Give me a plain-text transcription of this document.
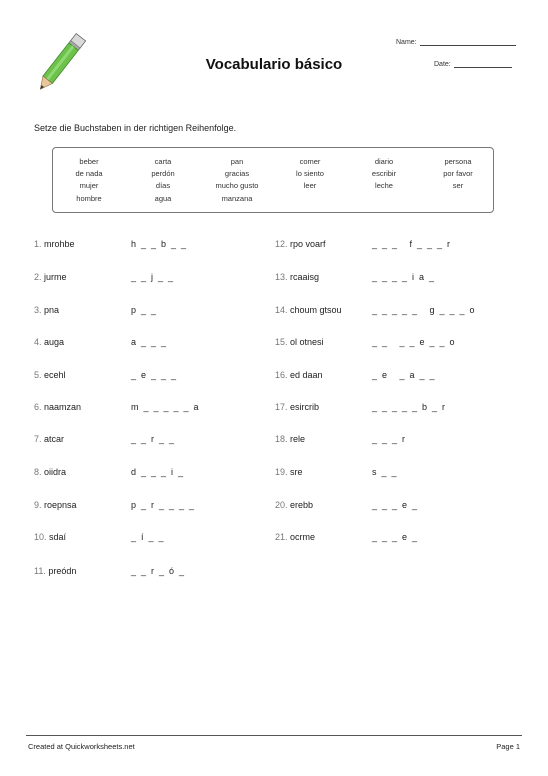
Vocabulario básico
Name:
Date:
Setze die Buchstaben in der richtigen Reihenfolge.
beber	carta	pan	comer	diario	persona
de nada	perdón	gracias	lo siento	escribir	por favor
mujer	días	mucho gusto	leer	leche	ser
hombre	agua	manzana
1. mrohbe	h  _  _  b  _  _
2. jurme	_  _  j  _  _
3. pna	p  _  _
4. auga	a  _  _  _
5. ecehl	_  e  _  _  _
6. naamzan	m  _  _  _  _  _  a
7. atcar	_  _  r  _  _
8. oiidra	d  _  _  _  i  _
9. roepnsa	p  _  r  _  _  _  _
10. sdaí	_  í  _  _
11. preódn	_  _  r  _  ó  _
12. rpo voarf	_  _  _     f  _  _  _  r
13. rcaaisg	_  _  _  _  i  a  _
14. choum gtsou	_  _  _  _  _     g  _  _  _  o
15. ol otnesi	_  _     _  _  e  _  _  o
16. ed daan	_  e     _  a  _  _
17. esircrib	_  _  _  _  _  b  _  r
18. rele	_  _  _  r
19. sre	s  _  _
20. erebb	_  _  _  e  _
21. ocrme	_  _  _  e  _
Created at Quickworksheets.net	Page 1
